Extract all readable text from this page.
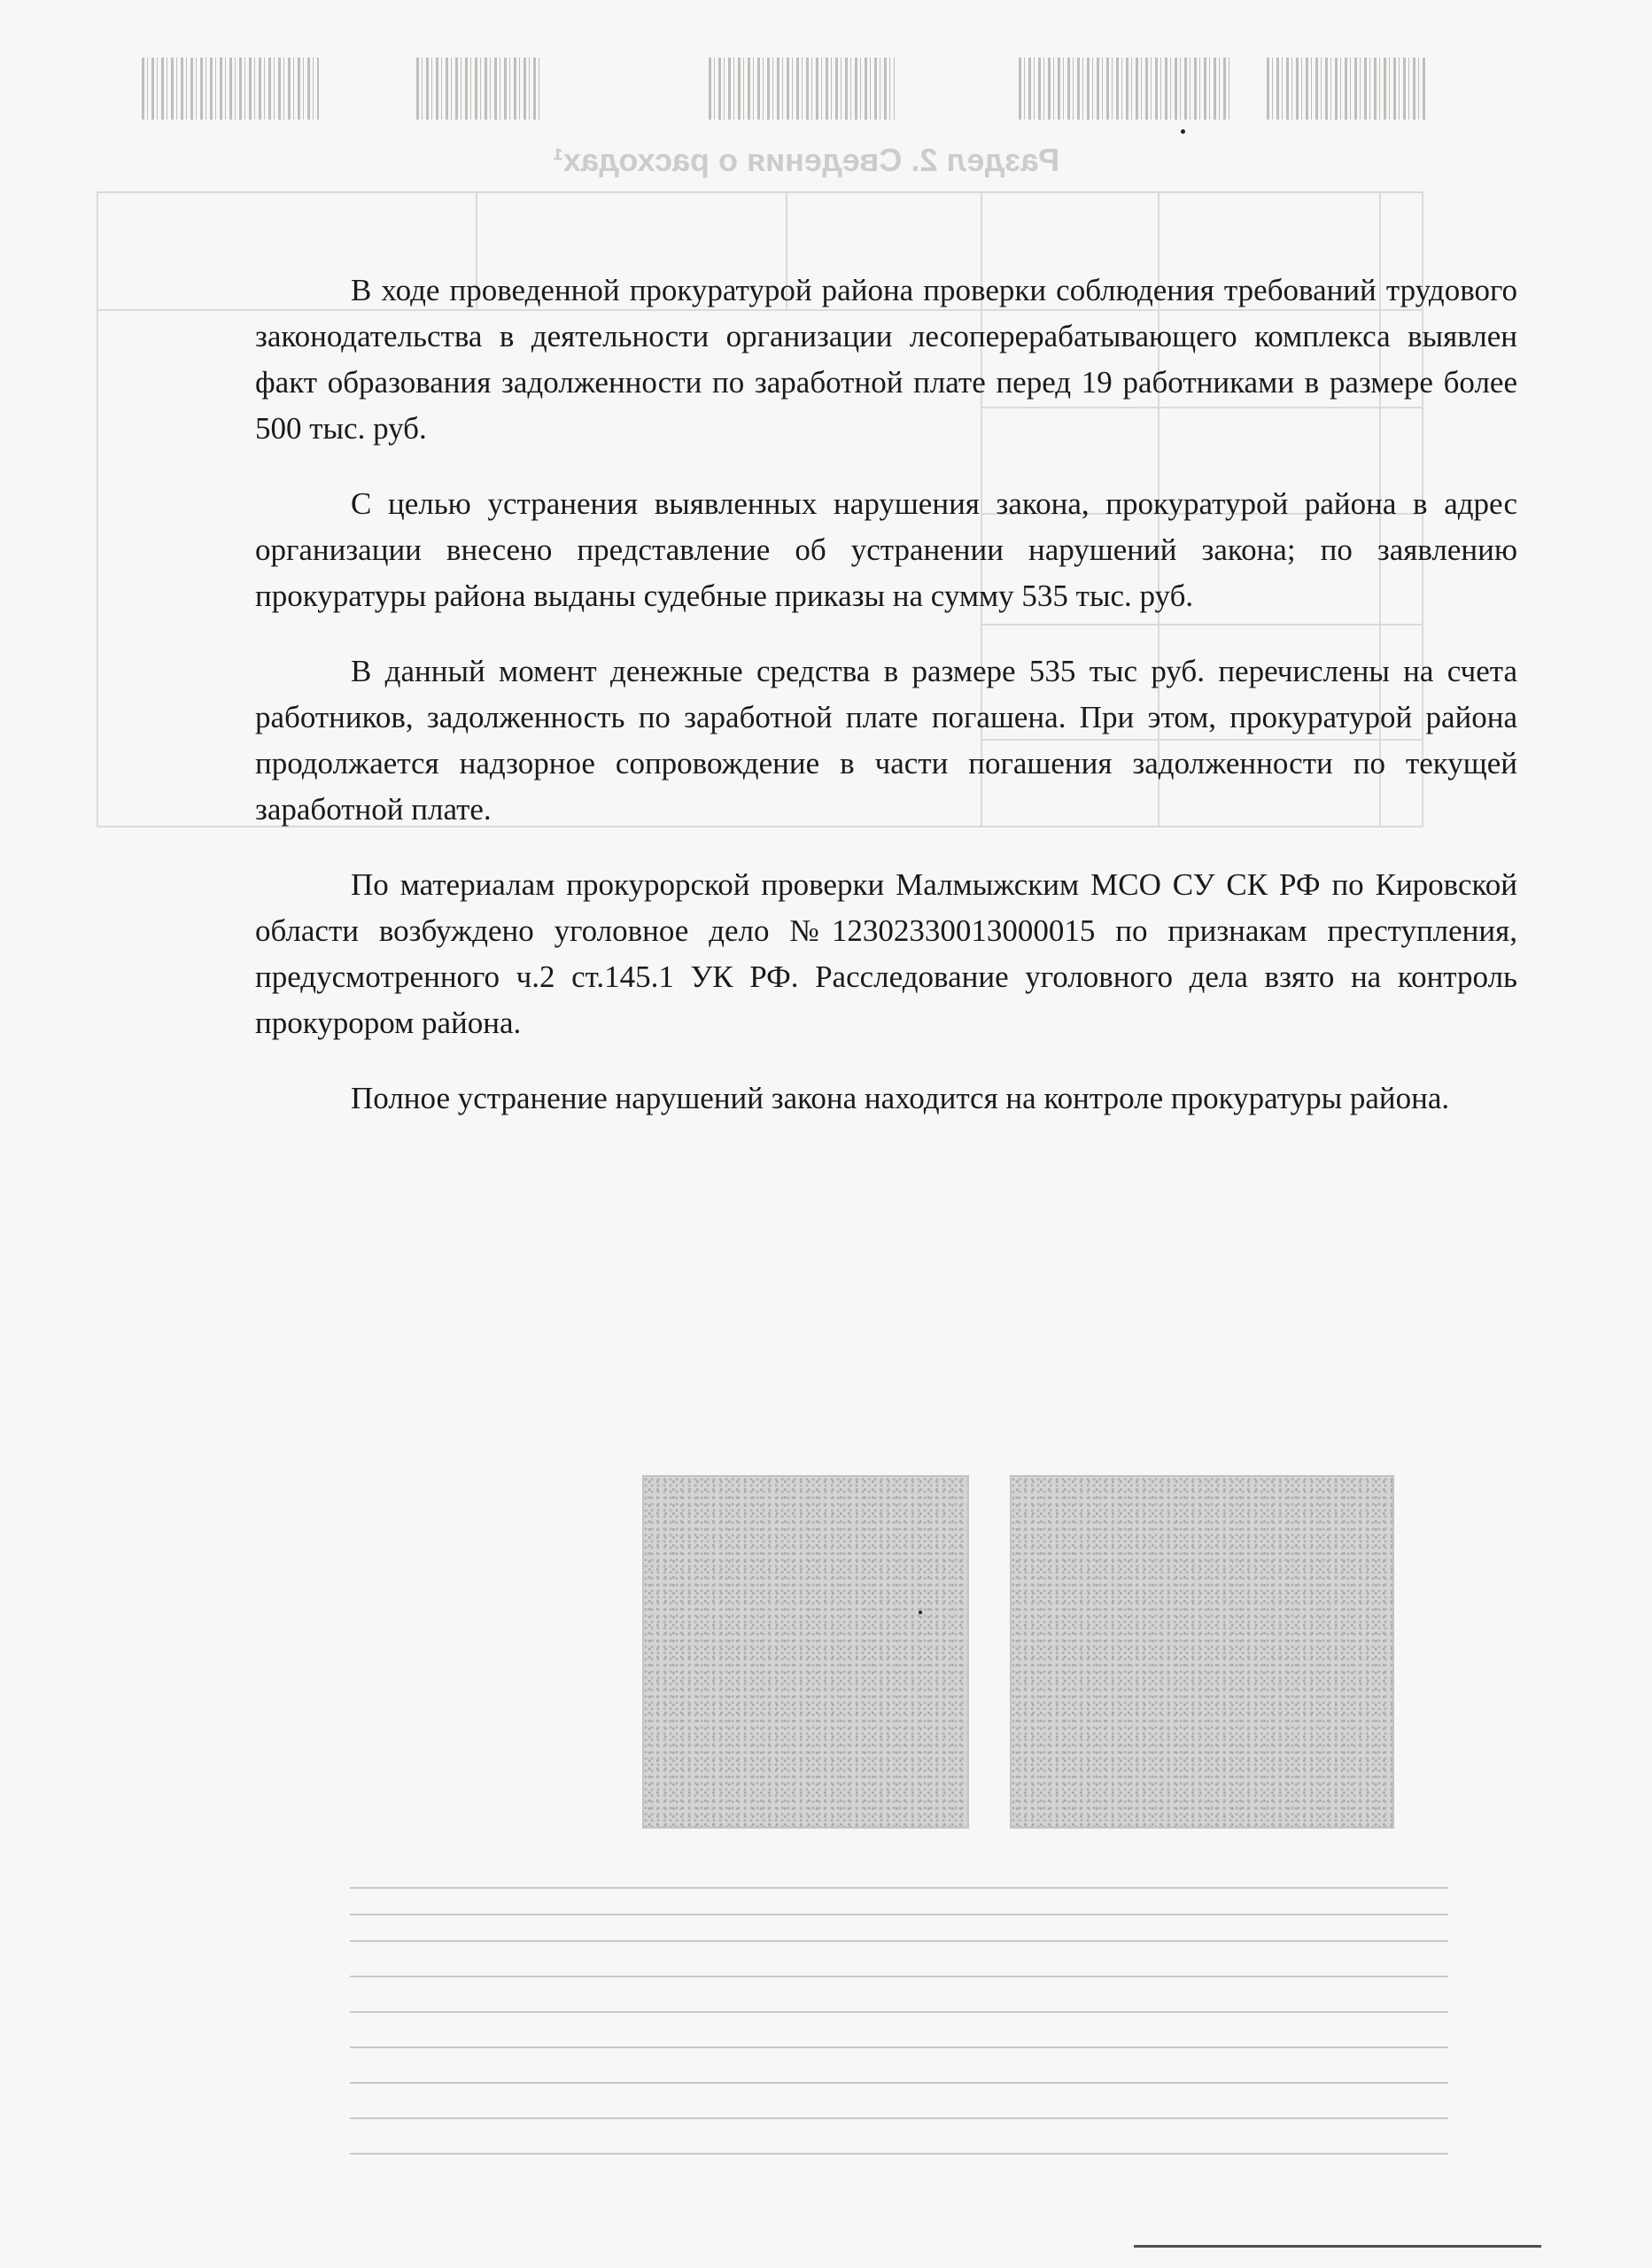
Раздел 2. Сведения о расходах¹

В ходе проведенной прокуратурой района проверки соблюдения требований трудового законодательства в деятельности организации лесоперерабатывающего комплекса выявлен факт образования задолженности по заработной плате перед 19 работниками в размере более 500 тыс. руб.

С целью устранения выявленных нарушения закона, прокуратурой района в адрес организации внесено представление об устранении нарушений закона; по заявлению прокуратуры района выданы судебные приказы на сумму 535 тыс. руб.

В данный момент денежные средства в размере 535 тыс руб. перечислены на счета работников, задолженность по заработной плате погашена. При этом, прокуратурой района продолжается надзорное сопровождение в части погашения задолженности по текущей заработной плате.

По материалам прокурорской проверки Малмыжским МСО СУ СК РФ по Кировской области возбуждено уголовное дело №12302330013000015 по признакам преступления, предусмотренного ч.2 ст.145.1 УК РФ. Расследование уголовного дела взято на контроль прокурором района.

Полное устранение нарушений закона находится на контроле прокуратуры района.
